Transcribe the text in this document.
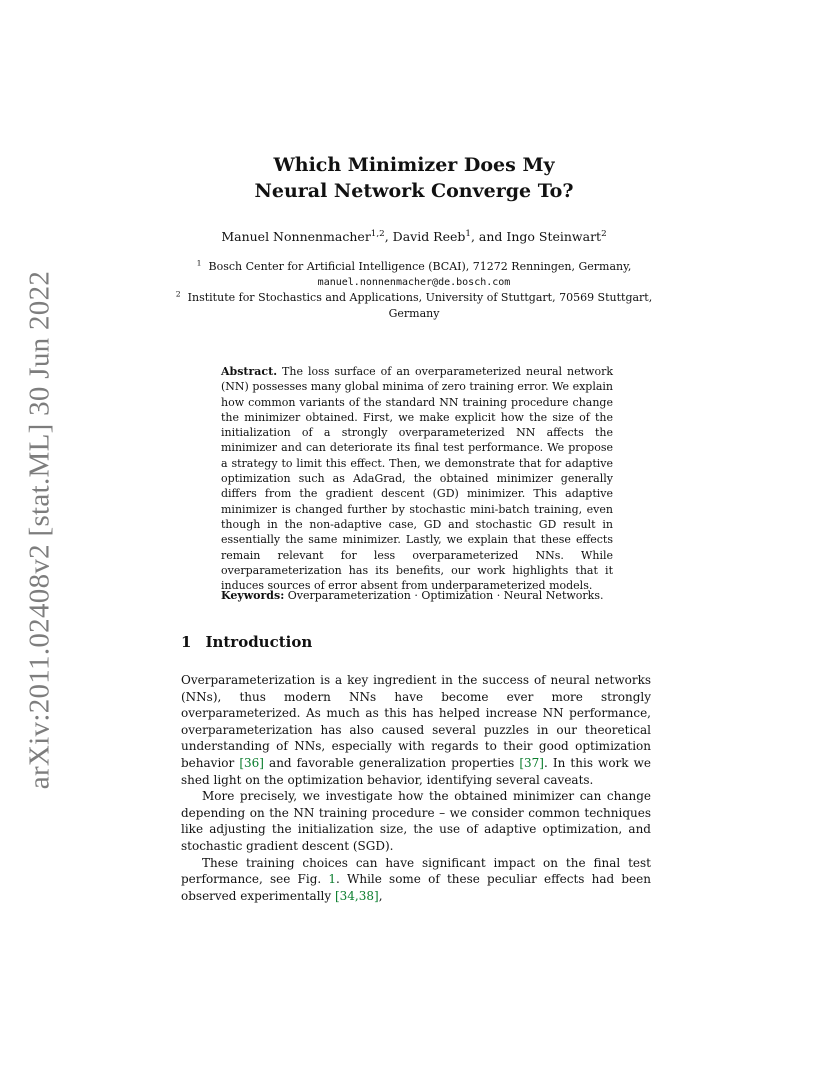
arXiv:2011.02408v2 [stat.ML] 30 Jun 2022
Which Minimizer Does My
Neural Network Converge To?
Manuel Nonnenmacher$^{1,2}$, David Reeb$^1$, and Ingo Steinwart$^2$
$^1$ Bosch Center for Artificial Intelligence (BCAI), 71272 Renningen, Germany,
manuel.nonnenmacher@de.bosch.com
$^2$ Institute for Stochastics and Applications, University of Stuttgart, 70569 Stuttgart,
Germany
Abstract. The loss surface of an overparameterized neural network (NN) possesses many global minima of zero training error. We explain how common variants of the standard NN training procedure change the minimizer obtained. First, we make explicit how the size of the initialization of a strongly overparameterized NN affects the minimizer and can deteriorate its final test performance. We propose a strategy to limit this effect. Then, we demonstrate that for adaptive optimization such as AdaGrad, the obtained minimizer generally differs from the gradient descent (GD) minimizer. This adaptive minimizer is changed further by stochastic mini-batch training, even though in the non-adaptive case, GD and stochastic GD result in essentially the same minimizer. Lastly, we explain that these effects remain relevant for less overparameterized NNs. While overparameterization has its benefits, our work highlights that it induces sources of error absent from underparameterized models.
Keywords: Overparameterization · Optimization · Neural Networks.
1 Introduction

Overparameterization is a key ingredient in the success of neural networks (NNs), thus modern NNs have become ever more strongly overparameterized. As much as this has helped increase NN performance, overparameterization has also caused several puzzles in our theoretical understanding of NNs, especially with regards to their good optimization behavior [36] and favorable generalization properties [37]. In this work we shed light on the optimization behavior, identifying several caveats.

More precisely, we investigate how the obtained minimizer can change depending on the NN training procedure – we consider common techniques like adjusting the initialization size, the use of adaptive optimization, and stochastic gradient descent (SGD).

These training choices can have significant impact on the final test performance, see Fig. 1. While some of these peculiar effects had been observed experimentally [34,38],
